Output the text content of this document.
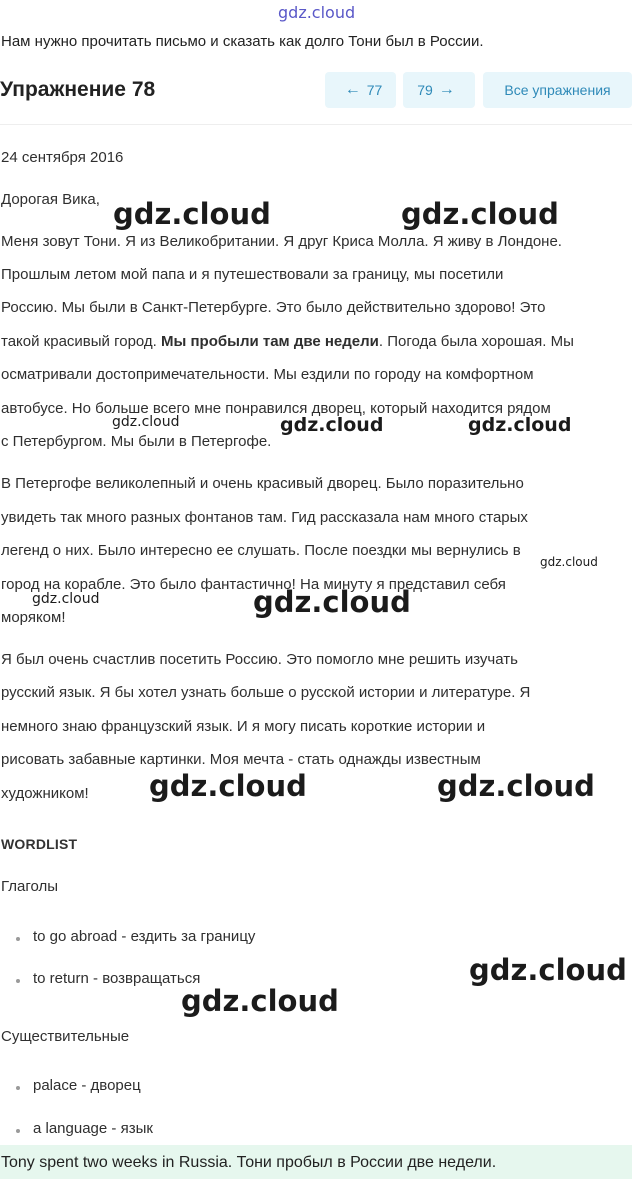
gdz.cloud
Нам нужно прочитать письмо и сказать как долго Тони был в России.
Упражнение 78	← 77 79 →	Все упражнения
24 сентября 2016
Дорогая Вика,
Меня зовут Тони. Я из Великобритании. Я друг Криса Молла. Я живу в Лондоне.
Прошлым летом мой папа и я путешествовали за границу, мы посетили
Россию. Мы были в Санкт-Петербурге. Это было действительно здорово! Это
такой красивый город. Мы пробыли там две недели. Погода была хорошая. Мы
осматривали достопримечательности. Мы ездили по городу на комфортном
автобусе. Но больше всего мне понравился дворец, который находится рядом
с Петербургом. Мы были в Петергофе.
В Петергофе великолепный и очень красивый дворец. Было поразительно
увидеть так много разных фонтанов там. Гид рассказала нам много старых
легенд о них. Было интересно ее слушать. После поездки мы вернулись в
город на корабле. Это было фантастично! На минуту я представил себя
моряком!
Я был очень счастлив посетить Россию. Это помогло мне решить изучать
русский язык. Я бы хотел узнать больше о русской истории и литературе. Я
немного знаю французский язык. И я могу писать короткие истории и
рисовать забавные картинки. Моя мечта - стать однажды известным
художником!
WORDLIST
Глаголы
to go abroad - ездить за границу
to return - возвращаться
Существительные
palace - дворец
a language - язык
Tony spent two weeks in Russia. Тони пробыл в России две недели.
gdz.cloud	gdz.cloud
gdz.cloud	gdz.cloud	gdz.cloud
gdz.cloud
gdz.cloud	gdz.cloud
gdz.cloud	gdz.cloud
gdz.cloud
gdz.cloud
